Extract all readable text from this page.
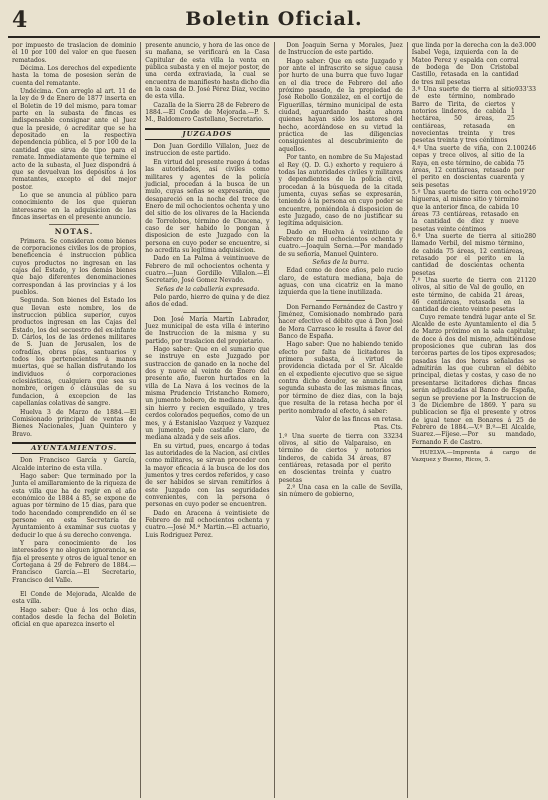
4	Boletin Oficial.

por impuesto de traslacion de dominio el 10 por 100 del valor en que fuesen rematados.

Décima. Los derechos del expediente hasta la toma de posesion serán de cuenta del rematante.

Undécima. Con arreglo al art. 11 de la ley de 9 de Enero de 1877 inserta en el Boletin de 19 del mismo, para tomar parte en la subasta de fincas es indispensable consignar ante el Juez que la preside, ó acreditar que se ha depositado en la respectiva dependencia pública, el 5 por 100 de la cantidad que sirva de tipo para el remate. Inmediatamente que termine el acto de la subasta, el Juez dispondrá á que se devuelvan los depósitos á los rematantes, excepto el del mejor postor.

Lo que se anuncia al público para conocimiento de los que quieran interesarse en la adquisicion de las fincas insertas en el presente anuncio.

NOTAS.

Primera. Se consideran como bienes de corporaciones civiles los de propios, beneficencia é instruccion pública cuyos productos no ingresan en las cajas del Estado, y los demás bienes que bajo diferentes denominaciones correspondan á las provincias y á los pueblos.

Segunda. Son bienes del Estado los que llevan este nombre, los de instruccion pública superior, cuyos productos ingresan en las Cajas del Estado, los del secuestro del ex-infante D. Cárlos, los de las órdenes militares de S. Juan de Jerusalen, los de cofradías, obras pías, santuarios y todos los pertenecientes á manos muertas, que se hallan disfrutando los individuos ó corporaciones eclesiásticas, cualquiera que sea su nombre, origen ó cláusulas de su fundacion, á excepcion de las capellanías colativas de sangre.

Huelva 3 de Marzo de 1884.—El Comisionado principal de ventas de Bienes Nacionales, Juan Quintero y Bravo.

AYUNTAMIENTOS.

Don Francisco García y García, Alcalde interino de esta villa.

Hago saber: Que terminado por la Junta el amillaramiento de la riqueza de esta villa que ha de regir en el año económico de 1884 á 85, se expone de aguas por término de 15 dias, para que todo hacendado comprendido en él se persone en esta Secretaría de Ayuntamiento á examinar sus cuotas y deducir lo que á su derecho convenga.

Y para conocimiento de los interesados y no aleguen ignorancia, se fija el presente y otros de igual tenor en Cortegana á 29 de Febrero de 1884.—Francisco García.—El Secretario, Francisco del Valle.

El Conde de Mejorada, Alcalde de esta villa.

Hago saber: Que á los ocho dias, contados desde la fecha del Boletin oficial en que aparezca inserto el

presente anuncio, y hora de las once de su mañana, se verificará en la Casa Capitular de esta villa la venta en pública subasta y en el mejor postor, de una cerda extraviada, la cual se encuentra de manifiesto hasta dicho dia en la casa de D. José Pérez Díaz, vecino de esta villa.

Cazalla de la Sierra 28 de Febrero de 1884.—El Conde de Mejorada.—P. S. M., Baldomero Castellano, Secretario.

JUZGADOS

Don Juan Gordillo Villalon, Juez de instruccion de este partido.

En virtud del presente ruego á todas las autoridades, así civiles como militares y agentes de la policía judicial, procedan á la busca de un mulo, cuyas señas se expresarán, que desapareció en la noche del trece de Enero de mil ochocientos ochenta y uno del sitio de los olivares de la Hacienda de Torrelobos, término de Chucena, y caso de ser habido lo pongan á disposicion de este Juzgado con la persona en cuyo poder se encuentre, si no acredita su legítima adquisicion.

Dado en La Palma á veintinueve de Febrero de mil ochocientos ochenta y cuatro.—Juan Gordillo Villalon.—El Secretario, José Gomez Nevado.

Señas de la caballería expresada.

Pelo pardo, hierro de quina y de diez años de edad.

Don José María Martin Labrador, Juez municipal de esta villa é interino de Instruccion de la misma y su partido, por traslacion del propietario.

Hago saber: Que en el sumario que se instruye en este Juzgado por sustraccion de ganado en la noche del dos y nueve al veinte de Enero del presente año, fueron hurtados en la villa de La Nava á los vecinos de la misma Prudencio Tristancho Romero, un jumento hobero, de mediana alzada, sin hierro y recien esquilado, y tres cerdos colorados pequeños, como de un mes, y á Estanislao Vazquez y Vazquez un jumento, pelo castaño claro, de mediana alzada y de seis años.

En su virtud, pues, encargo á todas las autoridades de la Nacion, así civiles como militares, se sirvan proceder con la mayor eficacia á la busca de los dos jumentos y tres cerdos referidos, y caso de ser habidos se sirvan remitirlos á este Juzgado con las seguridades convenientes, con la persona ó personas en cuyo poder se encuentren.

Dado en Aracena á veintisiete de Febrero de mil ochocientos ochenta y cuatro.—José M.ª Martin.—El actuario, Luis Rodriguez Perez.

Don Joaquin Serna y Morales, Juez de Instruccion de este partido.

Hago saber: Que en este Juzgado y por ante el infrascrito se sigue causa por hurto de una burra que tuvo lugar en el dia trece de Febrero del año próximo pasado, de la propiedad de José Rebollo González, en el cortijo de Figuerillas, término municipal de esta ciudad, aguardando hasta ahora quienes hayan sido los autores del hecho, acordándose en su virtud la práctica de las diligencias consiguientes al descubrimiento de aquellos.

Por tanto, en nombre de Su Majestad el Rey (Q. D. G.) exhorto y requiero á todas las autoridades civiles y militares y dependientes de la policía civil, procedan á la búsqueda de la citada jumenta, cuyas señas se expresarán, teniendo á la persona en cuyo poder se encuentre, poniéndola á disposicion de este Juzgado, caso de no justificar su legítima adquisicion.

Dado en Huelva á veintiuno de Febrero de mil ochocientos ochenta y cuatro.—Joaquin Serna.—Por mandado de su señoría, Manuel Quintero.

Señas de la burra.

Edad como de doce años, pelo rucio claro, de estatura mediana, baja de aguas, con una cicatriz en la mano izquierda que la tiene inutilizada.

Don Fernando Fernández de Castro y Jiménez, Comisionado nombrado para hacer efectivo el débito que á Don José de Mora Carrasco le resulta á favor del Banco de España.

Hago saber: Que no habiendo tenido efecto por falta de licitadores la primera subasta, á virtud de providencia dictada por el Sr. Alcalde en el expediente ejecutivo que se sigue contra dicho deudor, se anuncia una segunda subasta de las mismas fincas, por término de diez dias, con la baja que resulta de la retasa hecha por el perito nombrado al efecto, á saber:

Valor de las fincas en retasa.

Ptas. Cts.

1.º Una suerte de tierra con 33 olivos, al sitio de Valparaiso, en término de ciertos y notorios linderos, de cabida 34 áreas, 87 centiáreas, retasada por el perito en doscientas treinta y cuatro pesetas
234

2.º Una casa en la calle de Sevilla, sin número de gobierno,

que linda por la derecha con la de Isabel Vega, izquierda con la de Mateo Perez y espalda con corral de bodega de Don Cristobal Castillo, retasada en la cantidad de tres mil pesetas
3.000
3.º Una suerte de tierra al sitio de este término, nombrado Barro de Tirita, de ciertos y notorios linderos, de cabida 1 hectárea, 50 áreas, 25 centiáreas, retasada en novecientas treinta y tres pesetas treinta y tres céntimos
933'33
4.º Una suerte de viña, con 2.100 cepas y trece olivos, al sitio de la Raya, en este término, de cabida 75 áreas, 12 centiáreas, retasado por el perito en doscientas cuarenta y seis pesetas
246
5.º Una suerte de tierra con ocho higueras, al mismo sitio y término que la anterior finca, de cabida 10 áreas 73 centiáreas, retasado en la cantidad de diez y nueve pesetas veinte céntimos
19'20
6.º Una suerte de tierra al sitio llamado Verbil, del mismo término, de cabida 75 áreas, 12 centiáreas, retasado por el perito en la cantidad de doscientas ochenta pesetas
280
7.º Una suerte de tierra con 21 olivos, al sitio de Val de goullo, en este término, de cabida 21 áreas, 46 centiáreas, retasada en la cantidad de ciento veinte pesetas
120

Cuyo remate tendrá lugar ante el Sr. Alcalde de este Ayuntamiento el dia 5 de Marzo próximo en la sala capitular, de doce á dos del mismo, admitiéndose proposiciones que cubran las dos terceras partes de los tipos expresados; pasadas las dos horas señaladas se admitirán las que cubran el débito principal, dietas y costas, y caso de no presentarse licitadores dichas fincas serán adjudicadas al Banco de España, segun se previene por la Instruccion de 3 de Diciembre de 1869. Y para su publicacion se fija el presente y otros de igual tenor en Bonares á 25 de Febrero de 1884.—V.º B.º—El Alcalde, Suarez.—Fíjese.—Por su mandado, Fernando F. de Castro.

HUELVA.—Imprenta á cargo de Vazquez y Bueno, Ricos, 5.
